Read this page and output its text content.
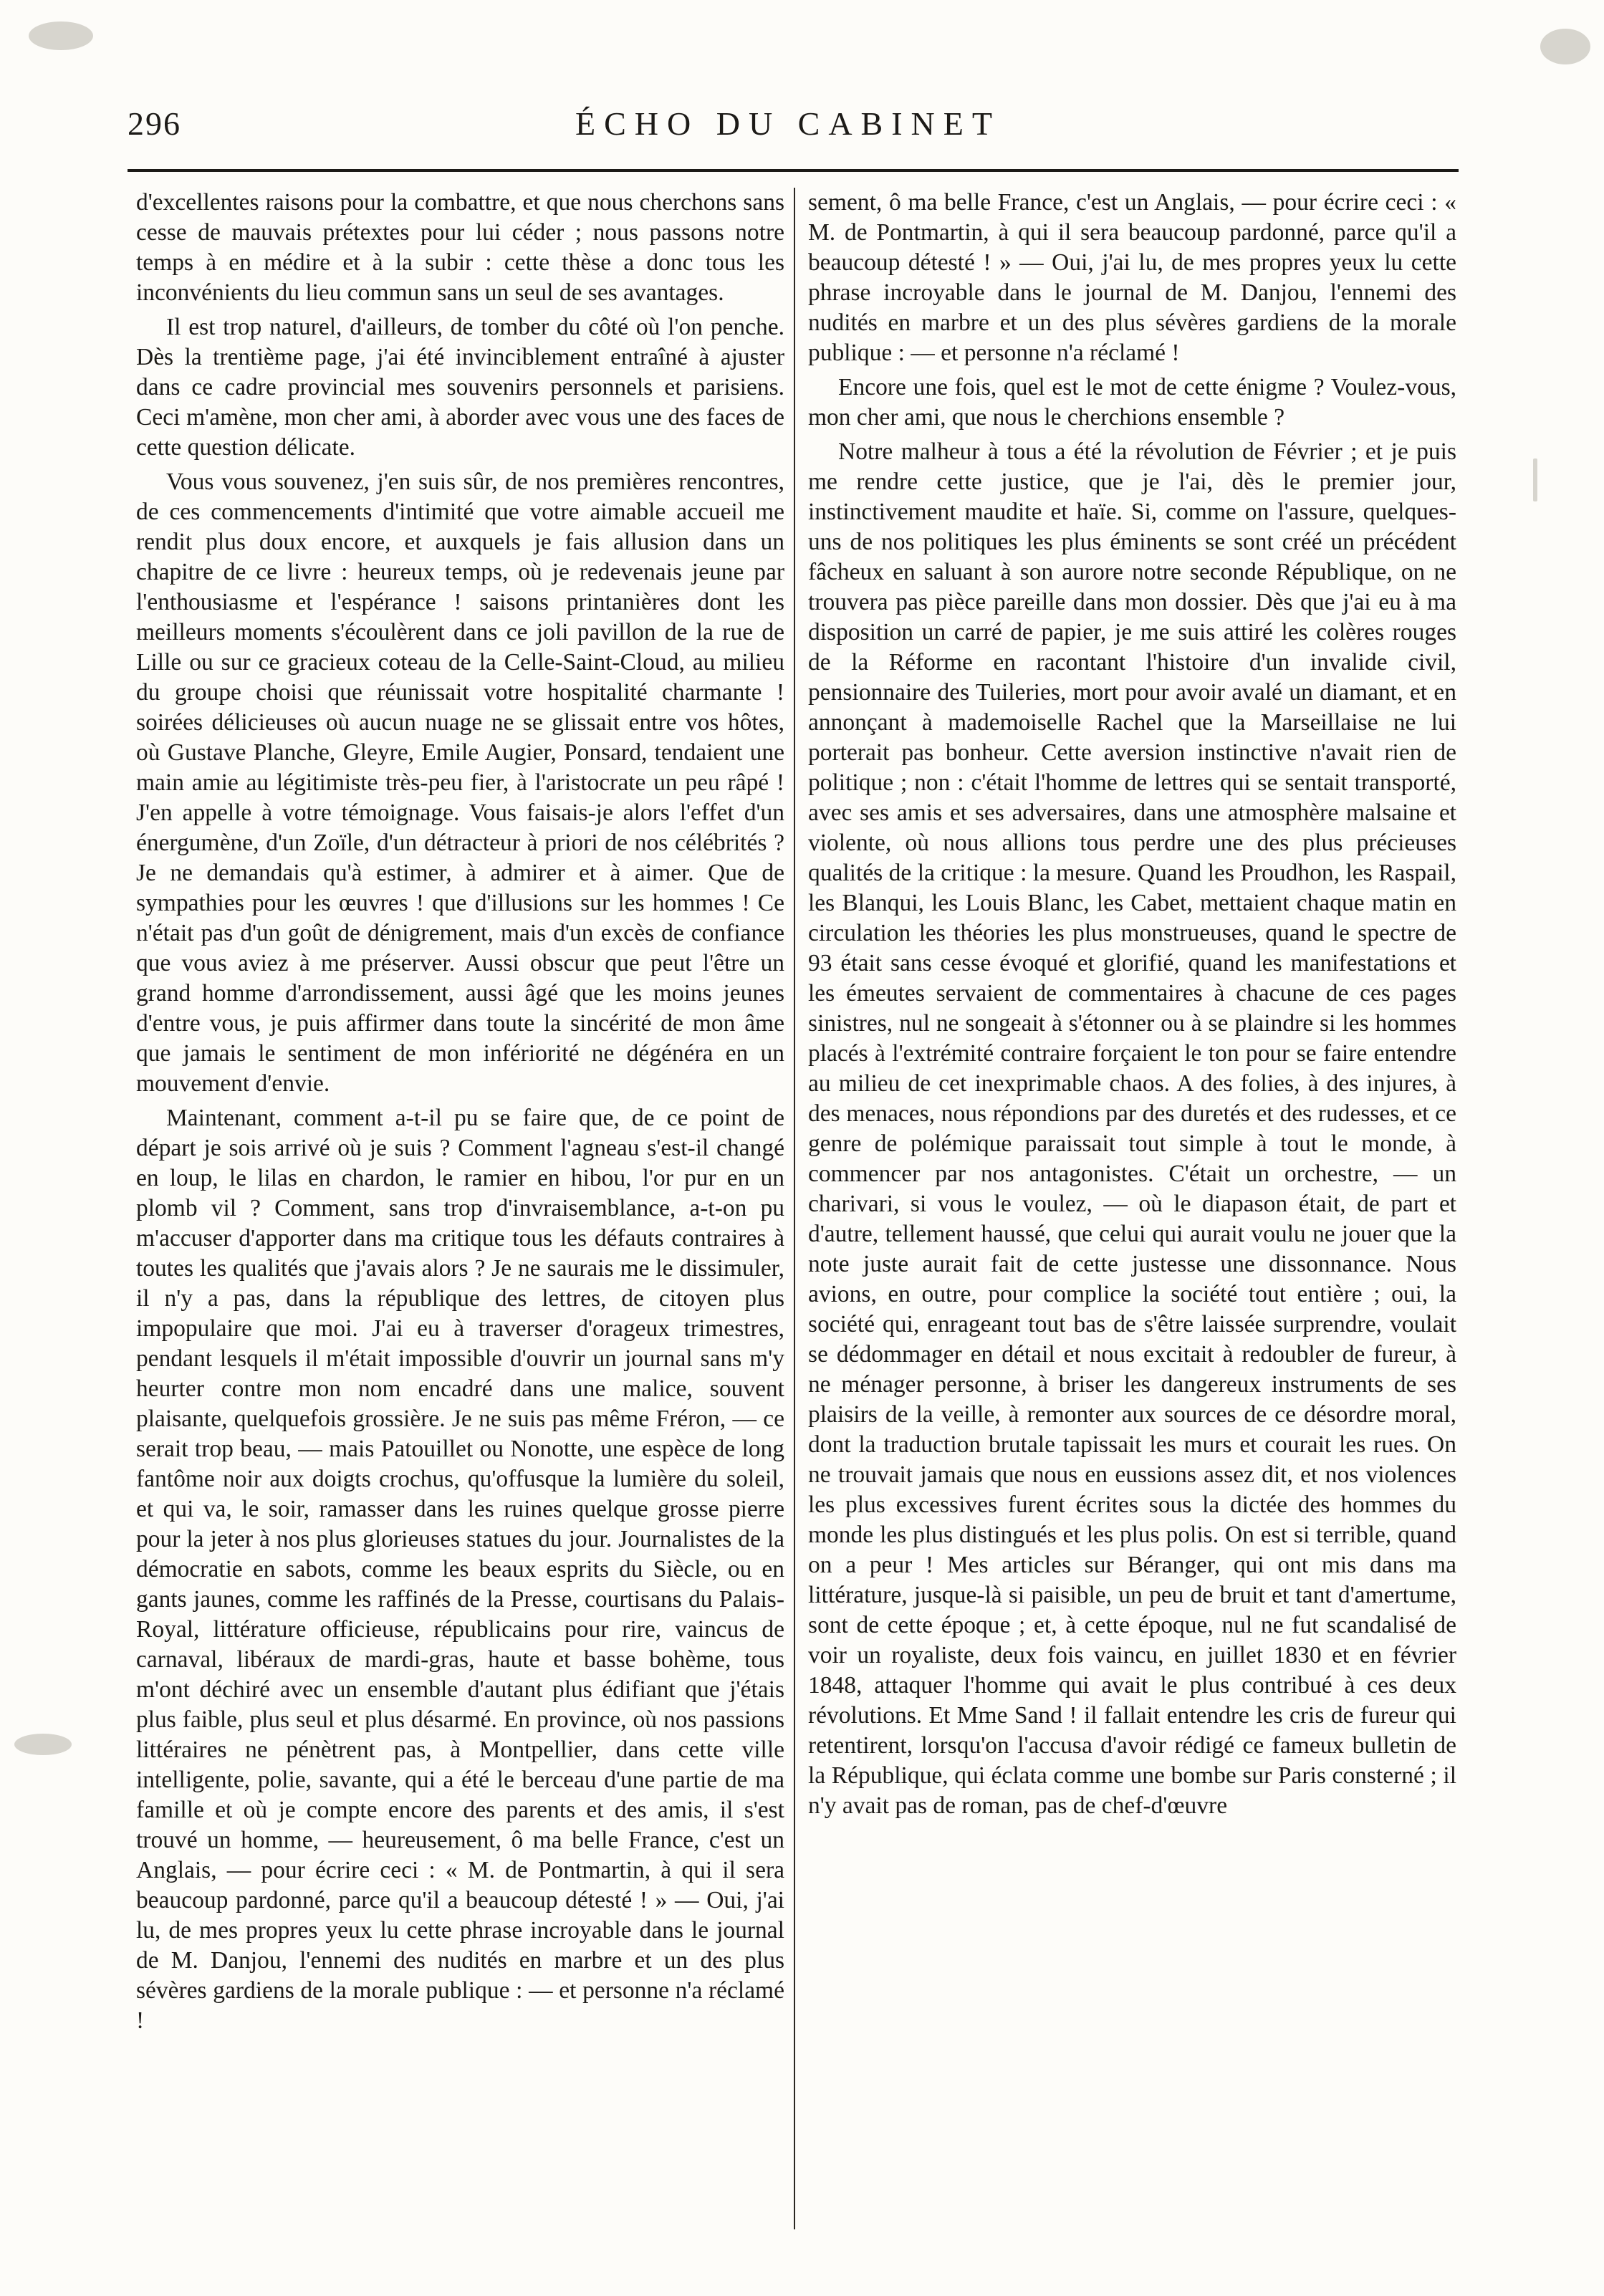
296	ÉCHO DU CABINET

d'excellentes raisons pour la combattre, et que nous cherchons sans cesse de mauvais prétextes pour lui céder ; nous passons notre temps à en médire et à la subir : cette thèse a donc tous les inconvénients du lieu commun sans un seul de ses avantages.

Il est trop naturel, d'ailleurs, de tomber du côté où l'on penche. Dès la trentième page, j'ai été invinciblement entraîné à ajuster dans ce cadre provincial mes souvenirs personnels et parisiens. Ceci m'amène, mon cher ami, à aborder avec vous une des faces de cette question délicate.

Vous vous souvenez, j'en suis sûr, de nos premières rencontres, de ces commencements d'intimité que votre aimable accueil me rendit plus doux encore, et auxquels je fais allusion dans un chapitre de ce livre : heureux temps, où je redevenais jeune par l'enthousiasme et l'espérance ! saisons printanières dont les meilleurs moments s'écoulèrent dans ce joli pavillon de la rue de Lille ou sur ce gracieux coteau de la Celle-Saint-Cloud, au milieu du groupe choisi que réunissait votre hospitalité charmante ! soirées délicieuses où aucun nuage ne se glissait entre vos hôtes, où Gustave Planche, Gleyre, Emile Augier, Ponsard, tendaient une main amie au légitimiste très-peu fier, à l'aristocrate un peu râpé ! J'en appelle à votre témoignage. Vous faisais-je alors l'effet d'un énergumène, d'un Zoïle, d'un détracteur à priori de nos célébrités ? Je ne demandais qu'à estimer, à admirer et à aimer. Que de sympathies pour les œuvres ! que d'illusions sur les hommes ! Ce n'était pas d'un goût de dénigrement, mais d'un excès de confiance que vous aviez à me préserver. Aussi obscur que peut l'être un grand homme d'arrondissement, aussi âgé que les moins jeunes d'entre vous, je puis affirmer dans toute la sincérité de mon âme que jamais le sentiment de mon infériorité ne dégénéra en un mouvement d'envie.

Maintenant, comment a-t-il pu se faire que, de ce point de départ je sois arrivé où je suis ? Comment l'agneau s'est-il changé en loup, le lilas en chardon, le ramier en hibou, l'or pur en un plomb vil ? Comment, sans trop d'invraisemblance, a-t-on pu m'accuser d'apporter dans ma critique tous les défauts contraires à toutes les qualités que j'avais alors ? Je ne saurais me le dissimuler, il n'y a pas, dans la république des lettres, de citoyen plus impopulaire que moi. J'ai eu à traverser d'orageux trimestres, pendant lesquels il m'était impossible d'ouvrir un journal sans m'y heurter contre mon nom encadré dans une malice, souvent plaisante, quelquefois grossière. Je ne suis pas même Fréron, — ce serait trop beau, — mais Patouillet ou Nonotte, une espèce de long fantôme noir aux doigts crochus, qu'offusque la lumière du soleil, et qui va, le soir, ramasser dans les ruines quelque grosse pierre pour la jeter à nos plus glorieuses statues du jour. Journalistes de la démocratie en sabots, comme les beaux esprits du Siècle, ou en gants jaunes, comme les raffinés de la Presse, courtisans du Palais-Royal, littérature officieuse, républicains pour rire, vaincus de carnaval, libéraux de mardi-gras, haute et basse bohème, tous m'ont déchiré avec un ensemble d'autant plus édifiant que j'étais plus faible, plus seul et plus désarmé. En province, où nos passions littéraires ne pénètrent pas, à Montpellier, dans cette ville intelligente, polie, savante, qui a été le berceau d'une partie de ma famille et où je compte encore des parents et des amis, il s'est trouvé un homme, — heureusement, ô ma belle France, c'est un Anglais, — pour écrire ceci : « M. de Pontmartin, à qui il sera beaucoup pardonné, parce qu'il a beaucoup détesté ! » — Oui, j'ai lu, de mes propres yeux lu cette phrase incroyable dans le journal de M. Danjou, l'ennemi des nudités en marbre et un des plus sévères gardiens de la morale publique : — et personne n'a réclamé !

sement, ô ma belle France, c'est un Anglais, — pour écrire ceci : « M. de Pontmartin, à qui il sera beaucoup pardonné, parce qu'il a beaucoup détesté ! » — Oui, j'ai lu, de mes propres yeux lu cette phrase incroyable dans le journal de M. Danjou, l'ennemi des nudités en marbre et un des plus sévères gardiens de la morale publique : — et personne n'a réclamé !

Encore une fois, quel est le mot de cette énigme ? Voulez-vous, mon cher ami, que nous le cherchions ensemble ?

Notre malheur à tous a été la révolution de Février ; et je puis me rendre cette justice, que je l'ai, dès le premier jour, instinctivement maudite et haïe. Si, comme on l'assure, quelques-uns de nos politiques les plus éminents se sont créé un précédent fâcheux en saluant à son aurore notre seconde République, on ne trouvera pas pièce pareille dans mon dossier. Dès que j'ai eu à ma disposition un carré de papier, je me suis attiré les colères rouges de la Réforme en racontant l'histoire d'un invalide civil, pensionnaire des Tuileries, mort pour avoir avalé un diamant, et en annonçant à mademoiselle Rachel que la Marseillaise ne lui porterait pas bonheur. Cette aversion instinctive n'avait rien de politique ; non : c'était l'homme de lettres qui se sentait transporté, avec ses amis et ses adversaires, dans une atmosphère malsaine et violente, où nous allions tous perdre une des plus précieuses qualités de la critique : la mesure. Quand les Proudhon, les Raspail, les Blanqui, les Louis Blanc, les Cabet, mettaient chaque matin en circulation les théories les plus monstrueuses, quand le spectre de 93 était sans cesse évoqué et glorifié, quand les manifestations et les émeutes servaient de commentaires à chacune de ces pages sinistres, nul ne songeait à s'étonner ou à se plaindre si les hommes placés à l'extrémité contraire forçaient le ton pour se faire entendre au milieu de cet inexprimable chaos. A des folies, à des injures, à des menaces, nous répondions par des duretés et des rudesses, et ce genre de polémique paraissait tout simple à tout le monde, à commencer par nos antagonistes. C'était un orchestre, — un charivari, si vous le voulez, — où le diapason était, de part et d'autre, tellement haussé, que celui qui aurait voulu ne jouer que la note juste aurait fait de cette justesse une dissonnance. Nous avions, en outre, pour complice la société tout entière ; oui, la société qui, enrageant tout bas de s'être laissée surprendre, voulait se dédommager en détail et nous excitait à redoubler de fureur, à ne ménager personne, à briser les dangereux instruments de ses plaisirs de la veille, à remonter aux sources de ce désordre moral, dont la traduction brutale tapissait les murs et courait les rues. On ne trouvait jamais que nous en eussions assez dit, et nos violences les plus excessives furent écrites sous la dictée des hommes du monde les plus distingués et les plus polis. On est si terrible, quand on a peur ! Mes articles sur Béranger, qui ont mis dans ma littérature, jusque-là si paisible, un peu de bruit et tant d'amertume, sont de cette époque ; et, à cette époque, nul ne fut scandalisé de voir un royaliste, deux fois vaincu, en juillet 1830 et en février 1848, attaquer l'homme qui avait le plus contribué à ces deux révolutions. Et Mme Sand ! il fallait entendre les cris de fureur qui retentirent, lorsqu'on l'accusa d'avoir rédigé ce fameux bulletin de la République, qui éclata comme une bombe sur Paris consterné ; il n'y avait pas de roman, pas de chef-d'œuvre
